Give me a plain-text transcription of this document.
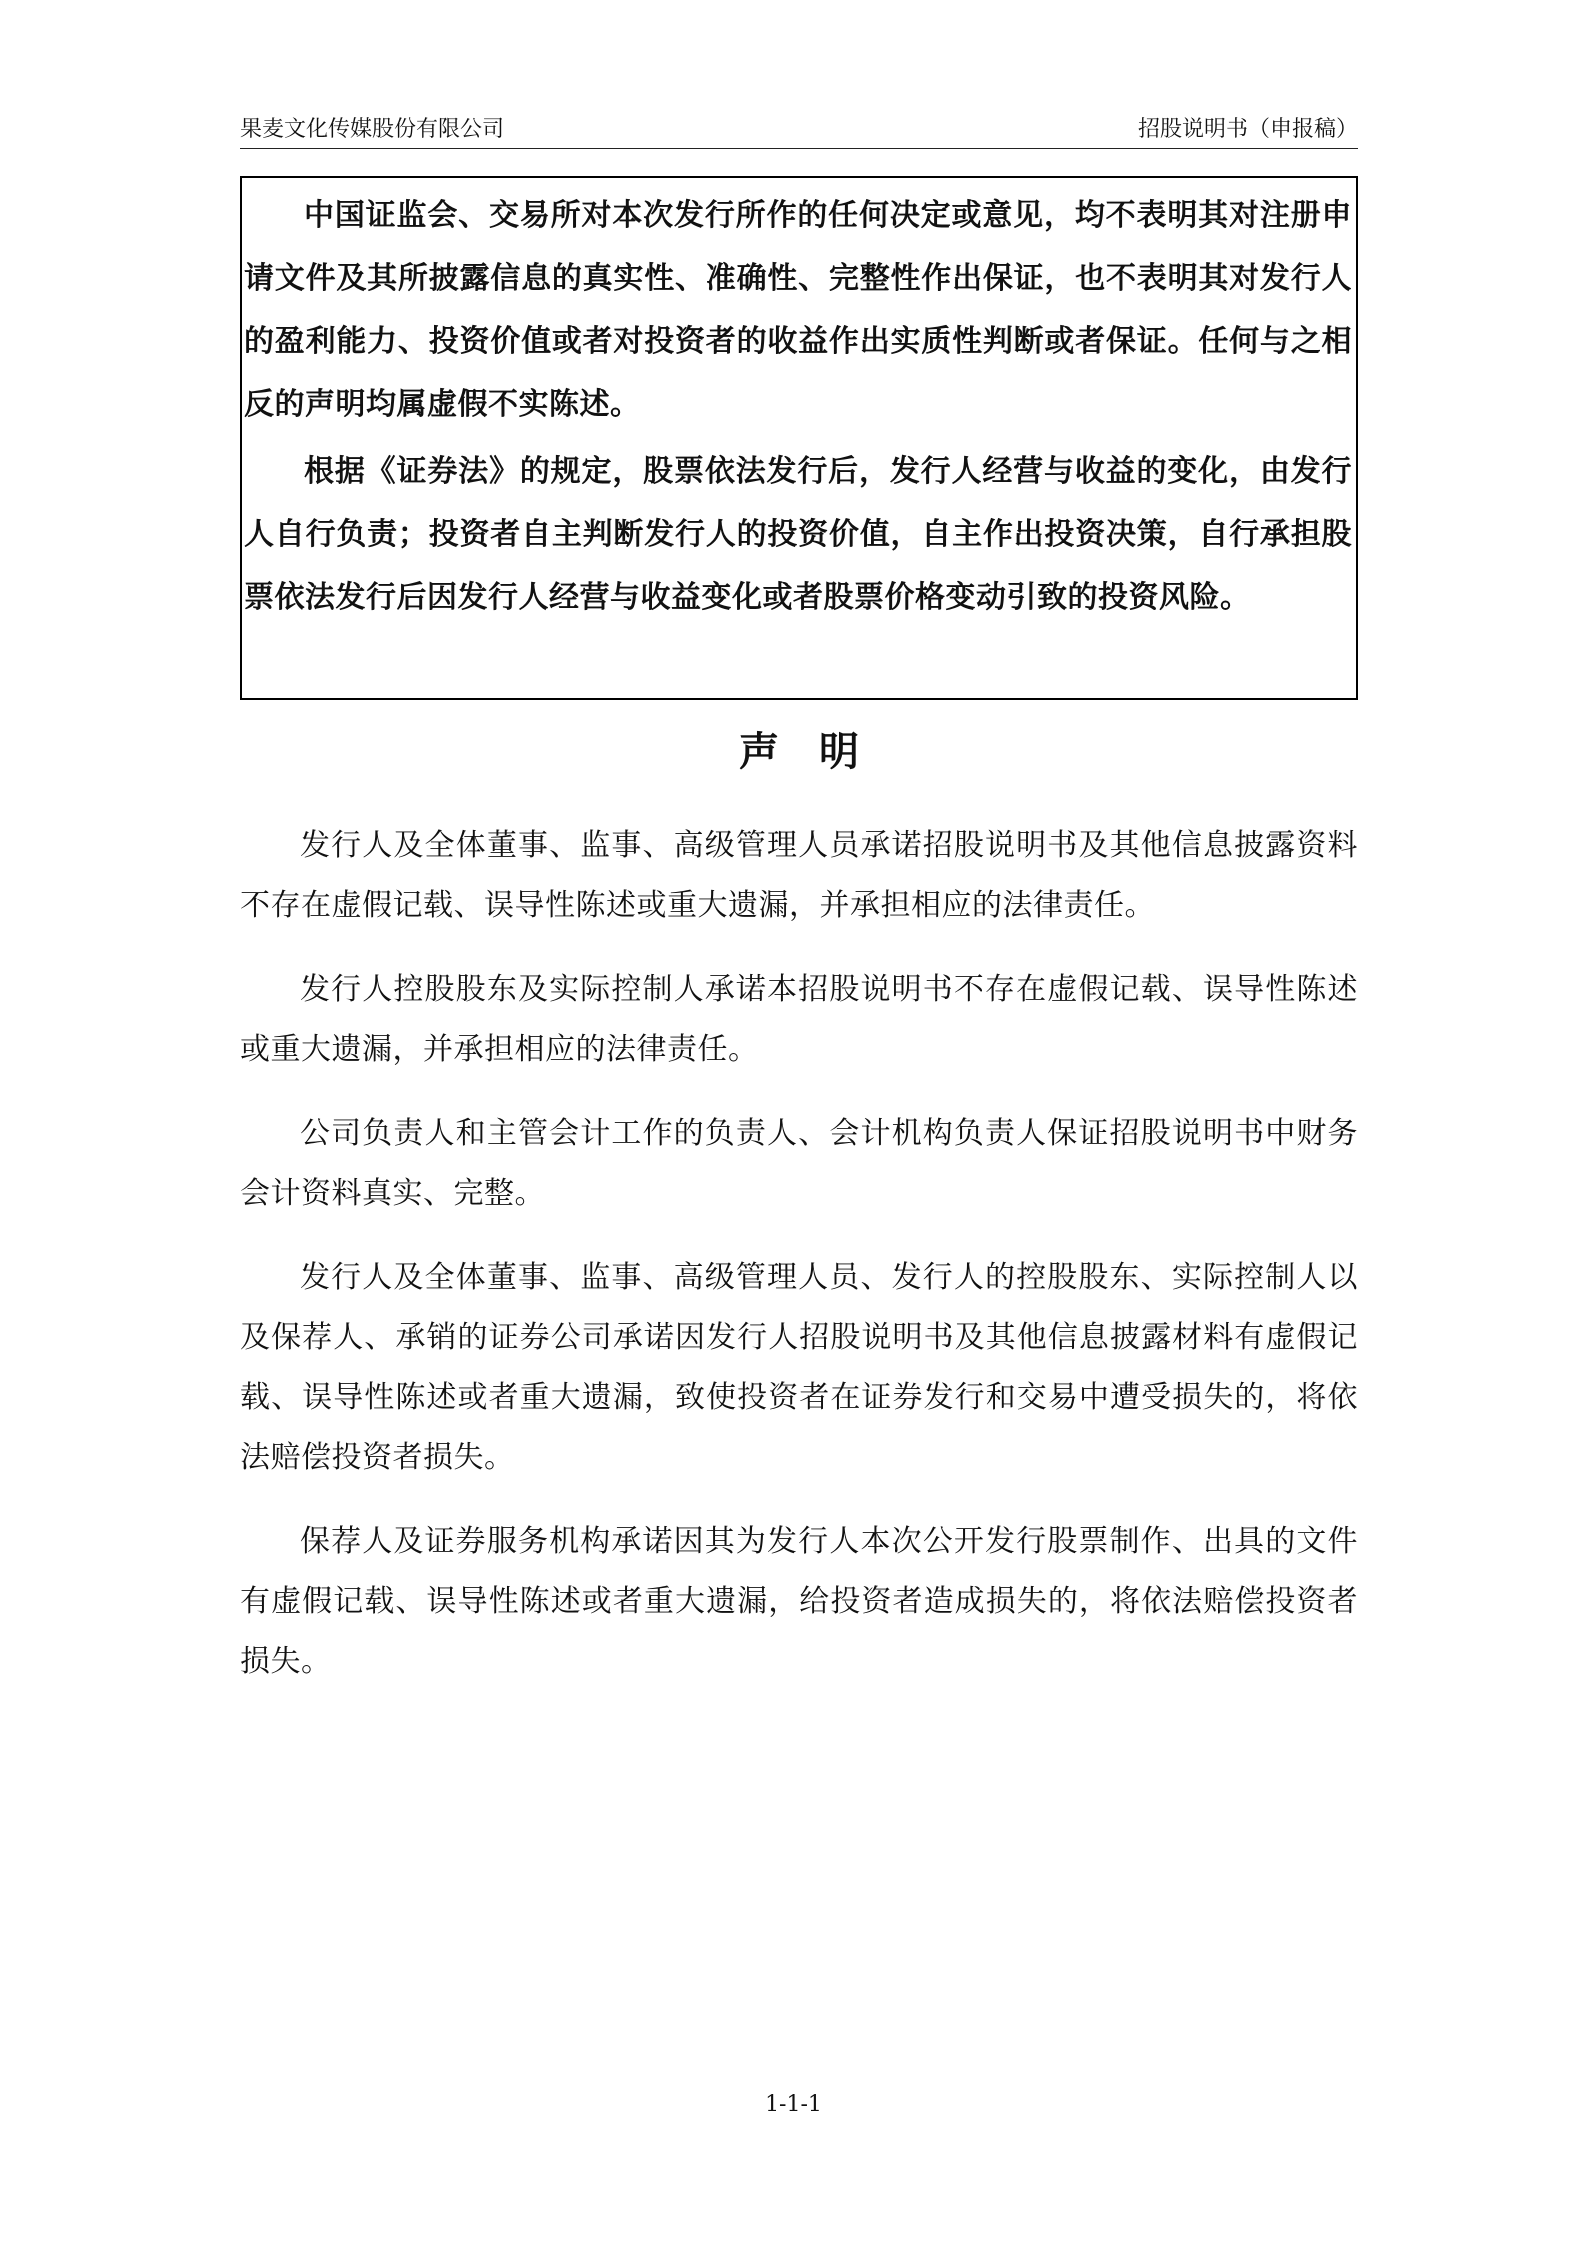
果麦文化传媒股份有限公司	招股说明书（申报稿）

中国证监会、交易所对本次发行所作的任何决定或意见，均不表明其对注册申请文件及其所披露信息的真实性、准确性、完整性作出保证，也不表明其对发行人的盈利能力、投资价值或者对投资者的收益作出实质性判断或者保证。任何与之相反的声明均属虚假不实陈述。

根据《证券法》的规定，股票依法发行后，发行人经营与收益的变化，由发行人自行负责；投资者自主判断发行人的投资价值，自主作出投资决策，自行承担股票依法发行后因发行人经营与收益变化或者股票价格变动引致的投资风险。

声明

发行人及全体董事、监事、高级管理人员承诺招股说明书及其他信息披露资料不存在虚假记载、误导性陈述或重大遗漏，并承担相应的法律责任。

发行人控股股东及实际控制人承诺本招股说明书不存在虚假记载、误导性陈述或重大遗漏，并承担相应的法律责任。

公司负责人和主管会计工作的负责人、会计机构负责人保证招股说明书中财务会计资料真实、完整。

发行人及全体董事、监事、高级管理人员、发行人的控股股东、实际控制人以及保荐人、承销的证券公司承诺因发行人招股说明书及其他信息披露材料有虚假记载、误导性陈述或者重大遗漏，致使投资者在证券发行和交易中遭受损失的，将依法赔偿投资者损失。

保荐人及证券服务机构承诺因其为发行人本次公开发行股票制作、出具的文件有虚假记载、误导性陈述或者重大遗漏，给投资者造成损失的，将依法赔偿投资者损失。

1-1-1
